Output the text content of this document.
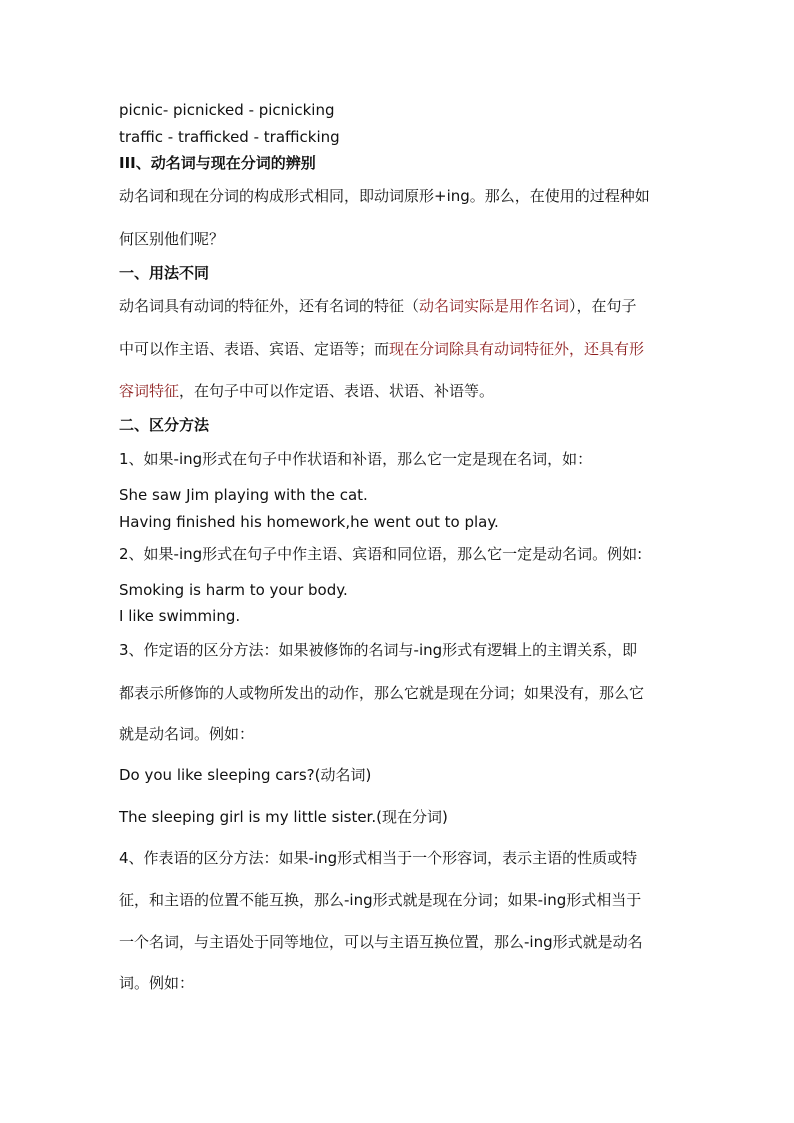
picnic- picnicked - picnicking
traffic - trafficked - trafficking
III、动名词与现在分词的辨别
动名词和现在分词的构成形式相同，即动词原形+ing。那么，在使用的过程种如
何区别他们呢？
一、用法不同
动名词具有动词的特征外，还有名词的特征（动名词实际是用作名词），在句子
中可以作主语、表语、宾语、定语等；而现在分词除具有动词特征外，还具有形
容词特征，在句子中可以作定语、表语、状语、补语等。
二、区分方法
1、如果-ing形式在句子中作状语和补语，那么它一定是现在名词，如：
She saw Jim playing with the cat.
Having finished his homework,he went out to play.
2、如果-ing形式在句子中作主语、宾语和同位语，那么它一定是动名词。例如:
Smoking is harm to your body.
I like swimming.
3、作定语的区分方法：如果被修饰的名词与-ing形式有逻辑上的主谓关系，即
都表示所修饰的人或物所发出的动作，那么它就是现在分词；如果没有，那么它
就是动名词。例如：
Do you like sleeping cars?(动名词)
The sleeping girl is my little sister.(现在分词)
4、作表语的区分方法：如果-ing形式相当于一个形容词，表示主语的性质或特
征，和主语的位置不能互换，那么-ing形式就是现在分词；如果-ing形式相当于
一个名词，与主语处于同等地位，可以与主语互换位置，那么-ing形式就是动名
词。例如：
